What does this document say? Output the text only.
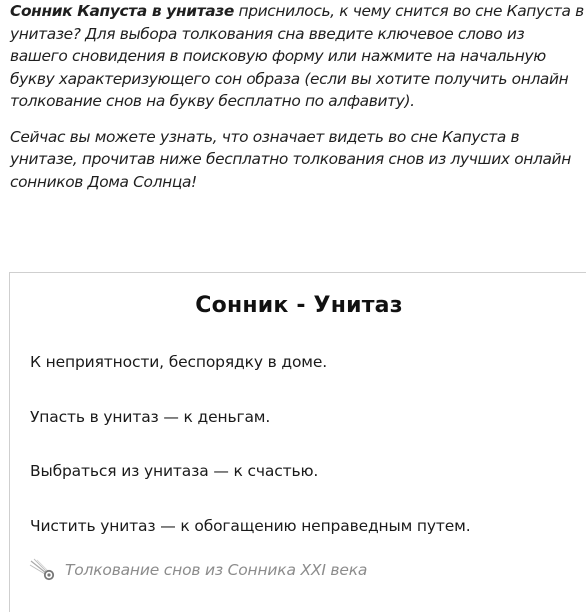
Сонник Капуста в унитазе приснилось, к чему снится во сне Капуста в унитазе? Для выбора толкования сна введите ключевое слово из вашего сновидения в поисковую форму или нажмите на начальную букву характеризующего сон образа (если вы хотите получить онлайн толкование снов на букву бесплатно по алфавиту).

Сейчас вы можете узнать, что означает видеть во сне Капуста в унитазе, прочитав ниже бесплатно толкования снов из лучших онлайн сонников Дома Солнца!

Сонник - Унитаз

К неприятности, беспорядку в доме.

Упасть в унитаз — к деньгам.

Выбраться из унитаза — к счастью.

Чистить унитаз — к обогащению неправедным путем.

Толкование снов из Сонника XXI века
